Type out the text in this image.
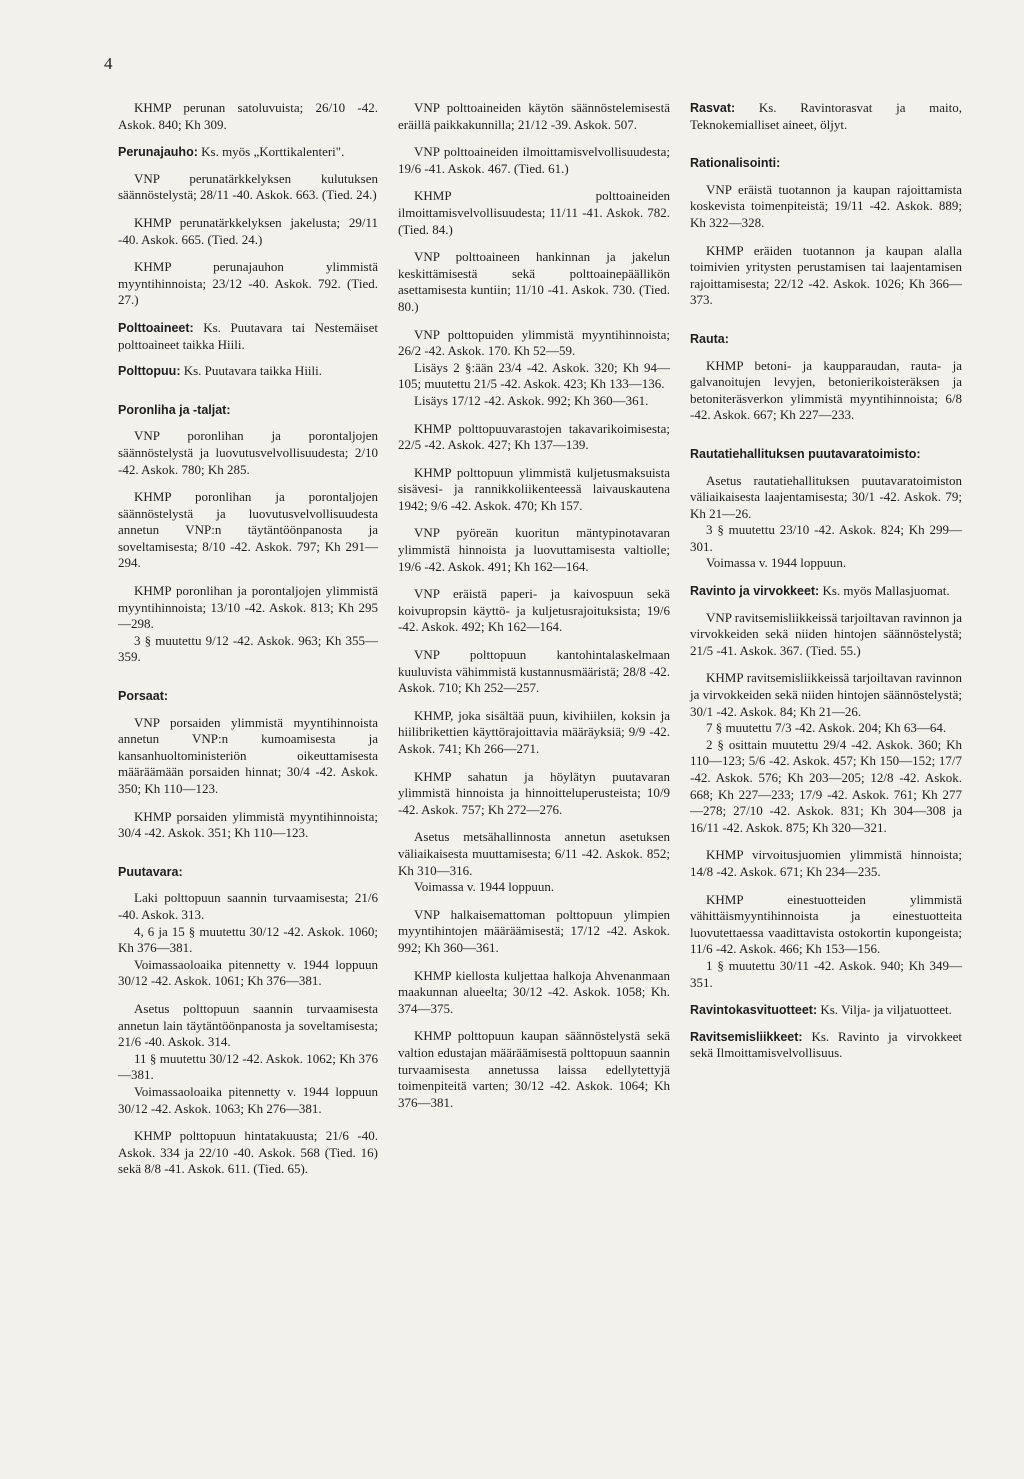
4
KHMP perunan satoluvuista; 26/10 -42. Askok. 840; Kh 309.
Perunajauho: Ks. myös „Korttikalenteri".
VNP perunatärkkelyksen kulutuksen säännöstelystä; 28/11 -40. Askok. 663. (Tied. 24.)
KHMP perunatärkkelyksen jakelusta; 29/11 -40. Askok. 665. (Tied. 24.)
KHMP perunajauhon ylimmistä myyntihinnoista; 23/12 -40. Askok. 792. (Tied. 27.)
Polttoaineet: Ks. Puutavara tai Nestemäiset polttoaineet taikka Hiili.
Polttopuu: Ks. Puutavara taikka Hiili.
Poronliha ja -taljat:
VNP poronlihan ja porontaljojen säännöstelystä ja luovutusvelvollisuudesta; 2/10 -42. Askok. 780; Kh 285.
KHMP poronlihan ja porontaljojen säännöstelystä ja luovutusvelvollisuudesta annetun VNP:n täytäntöönpanosta ja soveltamisesta; 8/10 -42. Askok. 797; Kh 291—294.
KHMP poronlihan ja porontaljojen ylimmistä myyntihinnoista; 13/10 -42. Askok. 813; Kh 295—298.
3 § muutettu 9/12 -42. Askok. 963; Kh 355—359.
Porsaat:
VNP porsaiden ylimmistä myyntihinnoista annetun VNP:n kumoamisesta ja kansanhuoltoministeriön oikeuttamisesta määräämään porsaiden hinnat; 30/4 -42. Askok. 350; Kh 110—123.
KHMP porsaiden ylimmistä myyntihinnoista; 30/4 -42. Askok. 351; Kh 110—123.
Puutavara:
Laki polttopuun saannin turvaamisesta; 21/6 -40. Askok. 313.
4, 6 ja 15 § muutettu 30/12 -42. Askok. 1060; Kh 376—381.
Voimassaoloaika pitennetty v. 1944 loppuun 30/12 -42. Askok. 1061; Kh 376—381.
Asetus polttopuun saannin turvaamisesta annetun lain täytäntöönpanosta ja soveltamisesta; 21/6 -40. Askok. 314.
11 § muutettu 30/12 -42. Askok. 1062; Kh 376—381.
Voimassaoloaika pitennetty v. 1944 loppuun 30/12 -42. Askok. 1063; Kh 276—381.
KHMP polttopuun hintatakuusta; 21/6 -40. Askok. 334 ja 22/10 -40. Askok. 568 (Tied. 16) sekä 8/8 -41. Askok. 611. (Tied. 65).
VNP polttoaineiden käytön säännöstelemisestä eräillä paikkakunnilla; 21/12 -39. Askok. 507.
VNP polttoaineiden ilmoittamisvelvollisuudesta; 19/6 -41. Askok. 467. (Tied. 61.)
KHMP polttoaineiden ilmoittamisvelvollisuudesta; 11/11 -41. Askok. 782. (Tied. 84.)
VNP polttoaineen hankinnan ja jakelun keskittämisestä sekä polttoainepäällikön asettamisesta kuntiin; 11/10 -41. Askok. 730. (Tied. 80.)
VNP polttopuiden ylimmistä myyntihinnoista; 26/2 -42. Askok. 170. Kh 52—59.
Lisäys 2 §:ään 23/4 -42. Askok. 320; Kh 94—105; muutettu 21/5 -42. Askok. 423; Kh 133—136.
Lisäys 17/12 -42. Askok. 992; Kh 360—361.
KHMP polttopuuvarastojen takavarikoimisesta; 22/5 -42. Askok. 427; Kh 137—139.
KHMP polttopuun ylimmistä kuljetusmaksuista sisävesi- ja rannikkoliikenteessä laivauskautena 1942; 9/6 -42. Askok. 470; Kh 157.
VNP pyöreän kuoritun mäntypinotavaran ylimmistä hinnoista ja luovuttamisesta valtiolle; 19/6 -42. Askok. 491; Kh 162—164.
VNP eräistä paperi- ja kaivospuun sekä koivupropsin käyttö- ja kuljetusrajoituksista; 19/6 -42. Askok. 492; Kh 162—164.
VNP polttopuun kantohintalaskelmaan kuuluvista vähimmistä kustannusmääristä; 28/8 -42. Askok. 710; Kh 252—257.
KHMP, joka sisältää puun, kivihiilen, koksin ja hiilibrikettien käyttörajoittavia määräyksiä; 9/9 -42. Askok. 741; Kh 266—271.
KHMP sahatun ja höylätyn puutavaran ylimmistä hinnoista ja hinnoitteluperusteista; 10/9 -42. Askok. 757; Kh 272—276.
Asetus metsähallinnosta annetun asetuksen väliaikaisesta muuttamisesta; 6/11 -42. Askok. 852; Kh 310—316.
Voimassa v. 1944 loppuun.
VNP halkaisemattoman polttopuun ylimpien myyntihintojen määräämisestä; 17/12 -42. Askok. 992; Kh 360—361.
KHMP kiellosta kuljettaa halkoja Ahvenanmaan maakunnan alueelta; 30/12 -42. Askok. 1058; Kh. 374—375.
KHMP polttopuun kaupan säännöstelystä sekä valtion edustajan määräämisestä polttopuun saannin turvaamisesta annetussa laissa edellytettyjä toimenpiteitä varten; 30/12 -42. Askok. 1064; Kh 376—381.
Rasvat: Ks. Ravintorasvat ja maito, Teknokemialliset aineet, öljyt.
Rationalisointi:
VNP eräistä tuotannon ja kaupan rajoittamista koskevista toimenpiteistä; 19/11 -42. Askok. 889; Kh 322—328.
KHMP eräiden tuotannon ja kaupan alalla toimivien yritysten perustamisen tai laajentamisen rajoittamisesta; 22/12 -42. Askok. 1026; Kh 366—373.
Rauta:
KHMP betoni- ja kaupparaudan, rauta- ja galvanoitujen levyjen, betonierikoisteräksen ja betoniteräsverkon ylimmistä myyntihinnoista; 6/8 -42. Askok. 667; Kh 227—233.
Rautatiehallituksen puutavaratoimisto:
Asetus rautatiehallituksen puutavaratoimiston väliaikaisesta laajentamisesta; 30/1 -42. Askok. 79; Kh 21—26.
3 § muutettu 23/10 -42. Askok. 824; Kh 299—301.
Voimassa v. 1944 loppuun.
Ravinto ja virvokkeet: Ks. myös Mallasjuomat.
VNP ravitsemisliikkeissä tarjoiltavan ravinnon ja virvokkeiden sekä niiden hintojen säännöstelystä; 21/5 -41. Askok. 367. (Tied. 55.)
KHMP ravitsemisliikkeissä tarjoiltavan ravinnon ja virvokkeiden sekä niiden hintojen säännöstelystä; 30/1 -42. Askok. 84; Kh 21—26.
7 § muutettu 7/3 -42. Askok. 204; Kh 63—64.
2 § osittain muutettu 29/4 -42. Askok. 360; Kh 110—123; 5/6 -42. Askok. 457; Kh 150—152; 17/7 -42. Askok. 576; Kh 203—205; 12/8 -42. Askok. 668; Kh 227—233; 17/9 -42. Askok. 761; Kh 277—278; 27/10 -42. Askok. 831; Kh 304—308 ja 16/11 -42. Askok. 875; Kh 320—321.
KHMP virvoitusjuomien ylimmistä hinnoista; 14/8 -42. Askok. 671; Kh 234—235.
KHMP einestuotteiden ylimmistä vähittäismyyntihinnoista ja einestuotteita luovutettaessa vaadittavista ostokortin kupongeista; 11/6 -42. Askok. 466; Kh 153—156.
1 § muutettu 30/11 -42. Askok. 940; Kh 349—351.
Ravintokasvituotteet: Ks. Vilja- ja viljatuotteet.
Ravitsemisliikkeet: Ks. Ravinto ja virvokkeet sekä Ilmoittamisvelvollisuus.
